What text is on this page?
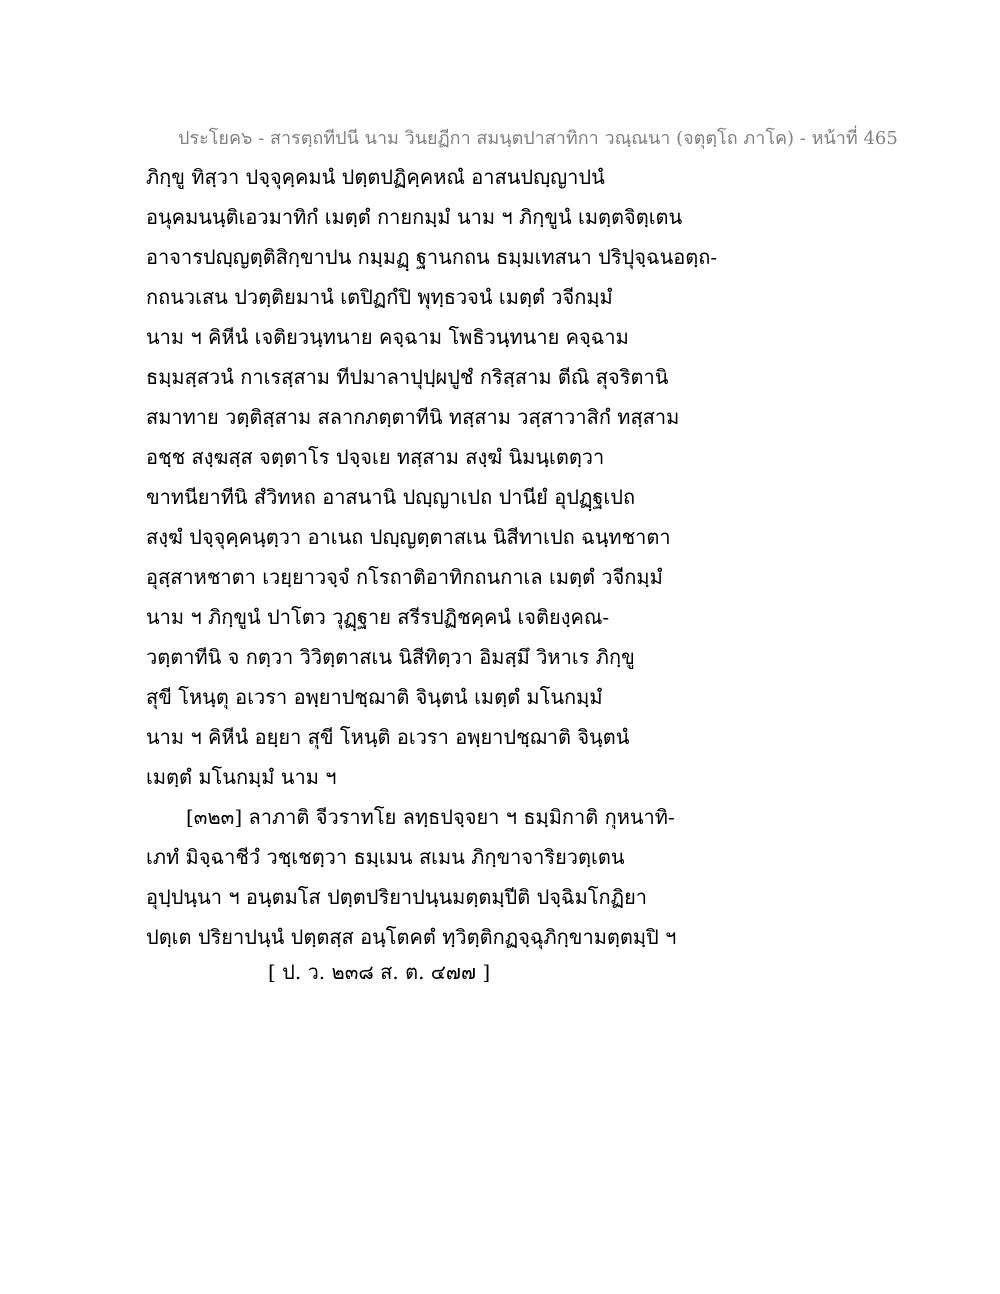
ประโยค๖ - สารตฺถทีปนี นาม วินยฏีกา สมนฺตปาสาทิกา วณฺณนา (จตุตฺโถ ภาโค) - หน้าที่ 465
ภิกฺขู ทิสฺวา ปจฺจุคฺคมนํ ปตฺตปฏิคฺคหณํ อาสนปญฺญาปนํ
อนุคมนนฺติเอวมาทิกํ เมตฺตํ กายกมฺมํ นาม ฯ ภิกฺขูนํ เมตฺตจิตฺเตน
อาจารปญฺญตฺติสิกฺขาปน กมฺมฏฺ ฐานกถน ธมฺมเทสนา ปริปุจฺฉนอตฺถ-
กถนวเสน ปวตฺติยมานํ เตปิฏกํปิ พุทฺธวจนํ เมตฺตํ วจีกมฺมํ
นาม ฯ คิหีนํ เจติยวนฺทนาย คจฺฉาม โพธิวนฺทนาย คจฺฉาม
ธมฺมสฺสวนํ กาเรสฺสาม ทีปมาลาปุปฺผปูชํ กริสฺสาม ตีณิ สุจริตานิ
สมาทาย วตฺติสฺสาม สลากภตฺตาทีนิ ทสฺสาม วสฺสาวาสิกํ ทสฺสาม
อชฺช สงฺฆสฺส จตฺตาโร ปจฺจเย ทสฺสาม สงฺฆํ นิมนฺเตตฺวา
ขาทนียาทีนิ สํวิทหถ อาสนานิ ปญฺญาเปถ ปานียํ อุปฏฺฐเปถ
สงฺฆํ ปจฺจุคฺคนฺตฺวา อาเนถ ปญฺญตฺตาสเน นิสีทาเปถ ฉนฺทชาตา
อุสฺสาหชาตา เวยฺยาวจฺจํ กโรถาติอาทิกถนกาเล เมตฺตํ วจีกมฺมํ
นาม ฯ ภิกฺขูนํ ปาโตว วุฏฺฐาย สรีรปฏิชคฺคนํ เจติยงฺคณ-
วตฺตาทีนิ จ กตฺวา วิวิตฺตาสเน นิสีทิตฺวา อิมสฺมึ วิหาเร ภิกฺขู
สุขี โหนฺตุ อเวรา อพฺยาปชฺฌาติ จินฺตนํ เมตฺตํ มโนกมฺมํ
นาม ฯ คิหีนํ อยฺยา สุขี โหนฺติ อเวรา อพฺยาปชฺฌาติ จินฺตนํ
เมตฺตํ มโนกมฺมํ นาม ฯ
[๓๒๓] ลาภาติ จีวราทโย ลทฺธปจฺจยา ฯ ธมฺมิกาติ กุหนาทิ-
เภทํ มิจฺฉาชีวํ วชฺเชตฺวา ธมฺเมน สเมน ภิกฺขาจาริยวตฺเตน
อุปฺปนฺนา ฯ อนฺตมโส ปตฺตปริยาปนฺนมตฺตมฺปีติ ปจฺฉิมโกฏิยา
ปตฺเต ปริยาปนฺนํ ปตฺตสฺส อนฺโตคตํ ทฺวิตฺติกฏจฺฉุภิกฺขามตฺตมฺปิ ฯ
[ ป. ว. ๒๓๘ ส. ต. ๔๗๗ ]
